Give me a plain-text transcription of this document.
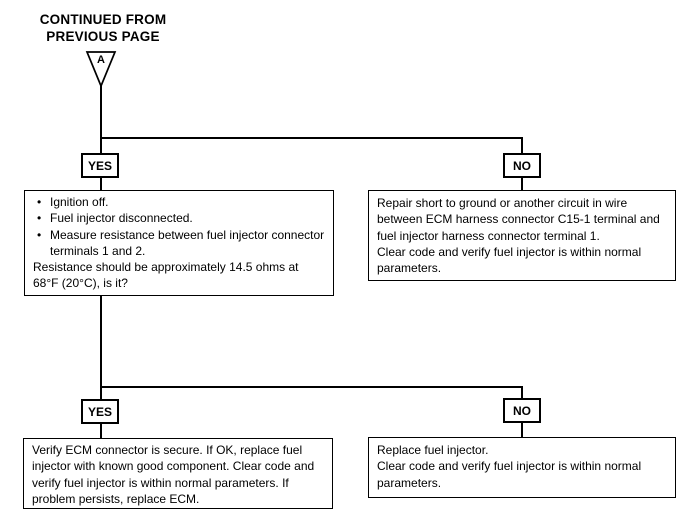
CONTINUED FROM
PREVIOUS PAGE
A
YES	NO
• Ignition off.
• Fuel injector disconnected.
• Measure resistance between fuel injector connector terminals 1 and 2.
Resistance should be approximately 14.5 ohms at 68°F (20°C), is it?

Repair short to ground or another circuit in wire between ECM harness connector C15-1 terminal and fuel injector harness connector terminal 1.

Clear code and verify fuel injector is within normal parameters.

YES	NO

Verify ECM connector is secure. If OK, replace fuel injector with known good component. Clear code and verify fuel injector is within normal parameters. If problem persists, replace ECM.

Replace fuel injector.

Clear code and verify fuel injector is within normal parameters.
